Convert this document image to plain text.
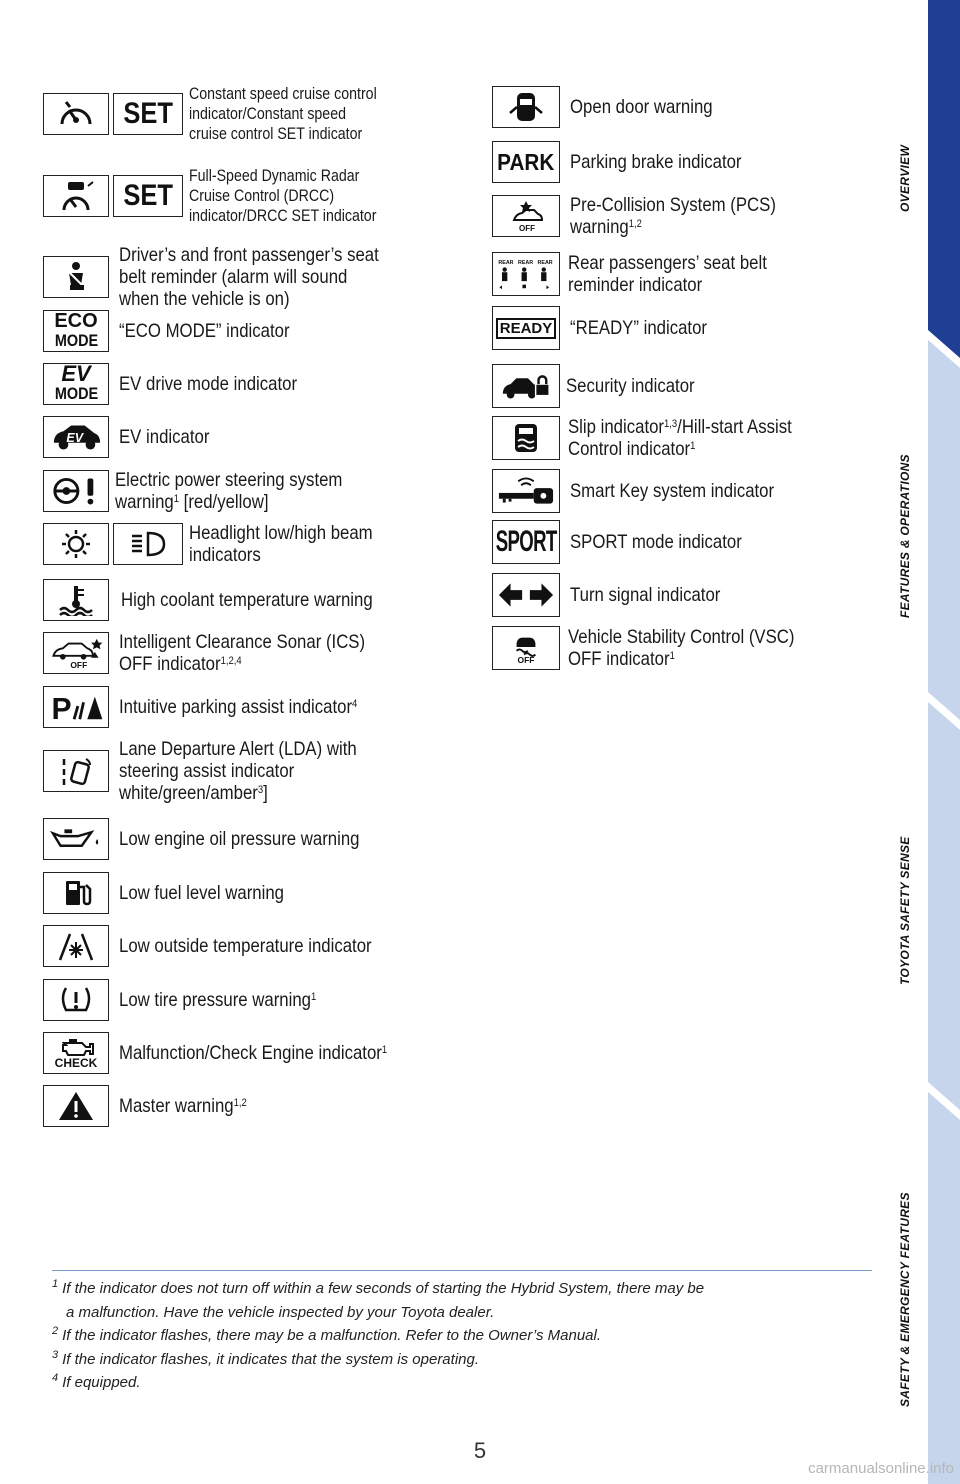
SET
Constant speed cruise control
indicator/Constant speed
cruise control SET indicator
SET
Full-Speed Dynamic Radar
Cruise Control (DRCC)
indicator/DRCC SET indicator
Driver’s and front passenger’s seat
belt reminder (alarm will sound
when the vehicle is on)
ECO
MODE “ECO MODE” indicator
EV
MODE EV drive mode indicator
EV EV indicator
Electric power steering system
warning$^1$ [red/yellow]
Headlight low/high beam
indicators
High coolant temperature warning
OFF
Intelligent Clearance Sonar (ICS)
OFF indicator$^{1,2,4}$
P Intuitive parking assist indicator$^4$
Lane Departure Alert (LDA) with
steering assist indicator
white/green/amber$^3$]
Low engine oil pressure warning
Low fuel level warning
Low outside temperature indicator
Low tire pressure warning$^1$
CHECK Malfunction/Check Engine indicator$^1$
Master warning$^{1,2}$
Open door warning
PARK Parking brake indicator
OFF
Pre-Collision System (PCS)
warning$^{1,2}$
REAR REAR REAR Rear passengers’ seat belt
reminder indicator
READY “READY” indicator
Security indicator
Slip indicator$^{1,3}$/Hill-start Assist
Control indicator$^1$
Smart Key system indicator
SPORT SPORT mode indicator
Turn signal indicator
OFF
Vehicle Stability Control (VSC)
OFF indicator$^1$
$^1$ If the indicator does not turn off within a few seconds of starting the Hybrid System, there may be
a malfunction. Have the vehicle inspected by your Toyota dealer.
$^2$ If the indicator flashes, there may be a malfunction. Refer to the Owner’s Manual.
$^3$ If the indicator flashes, it indicates that the system is operating.
$^4$ If equipped.
OVERVIEW
FEATURES & OPERATIONS
TOYOTA SAFETY SENSE
SAFETY & EMERGENCY FEATURES
5
carmanualsonline.info
